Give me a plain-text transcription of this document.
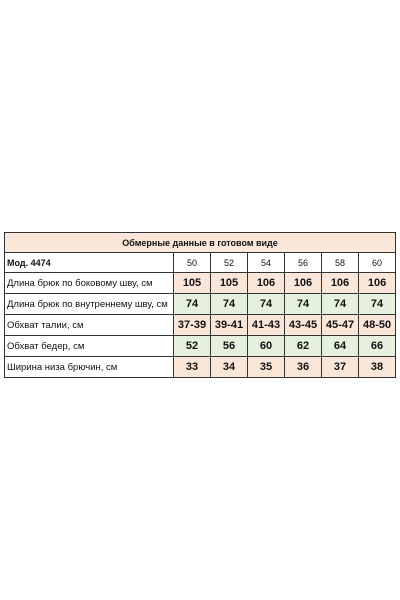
Обмерные данные в готовом виде						
Мод. 4474	50	52	54	56	58	60
Длина брюк по боковому шву, см	105	105	106	106	106	106
Длина брюк по внутреннему шву, см	74	74	74	74	74	74
Обхват талии, см	37-39	39-41	41-43	43-45	45-47	48-50
Обхват бедер, см	52	56	60	62	64	66
Ширина низа брючин, см	33	34	35	36	37	38
